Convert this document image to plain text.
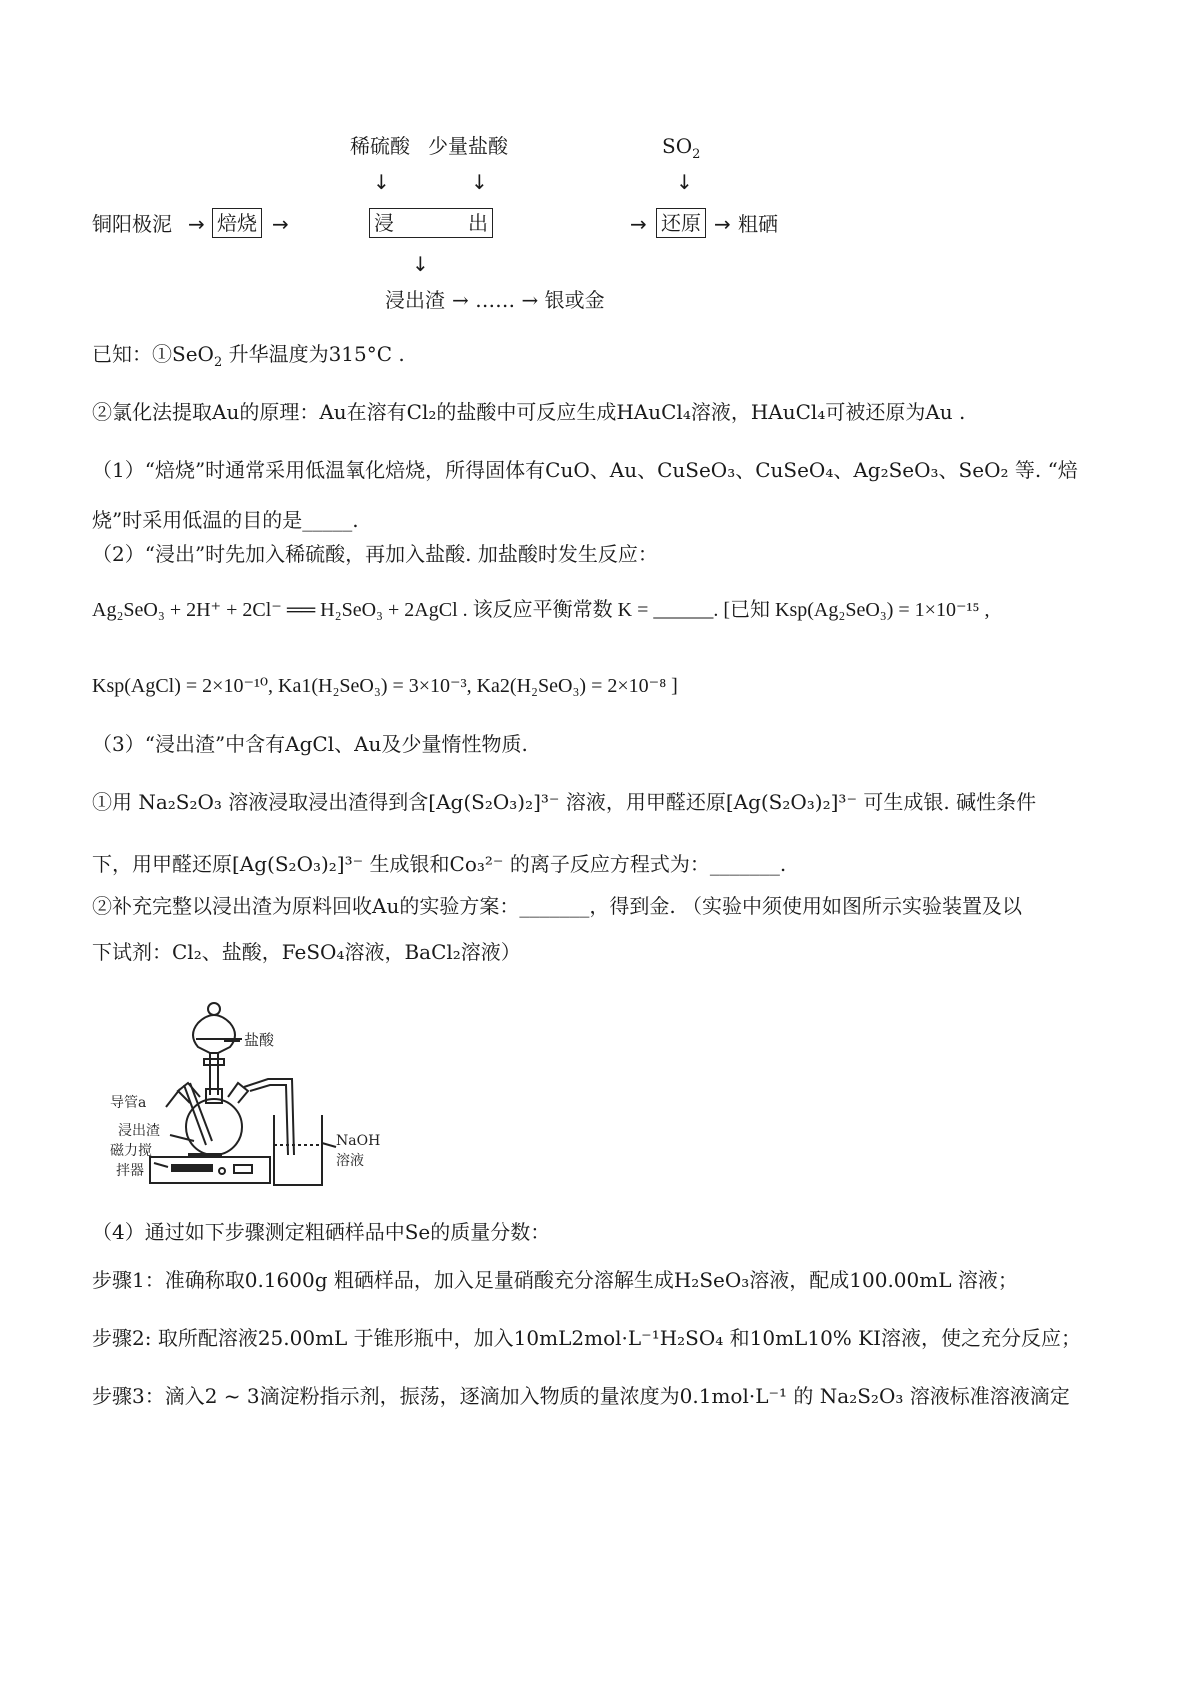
稀硫酸 少量盐酸	$SO_2$
↓	↓	↓
铜阳极泥 → 焙烧 →	浸	出	→ 还原 → 粗硒
↓
浸出渣 → …… → 银或金
已知：①SeO$_2$ 升华温度为315°C .
②氯化法提取Au的原理：Au在溶有Cl₂的盐酸中可反应生成HAuCl₄溶液，HAuCl₄可被还原为Au .
（1）“焙烧”时通常采用低温氧化焙烧，所得固体有CuO、Au、CuSeO₃、CuSeO₄、Ag₂SeO₃、SeO₂ 等. “焙
烧”时采用低温的目的是_____.
（2）“浸出”时先加入稀硫酸，再加入盐酸. 加盐酸时发生反应：
Ag₂SeO₃ + 2H⁺ + 2Cl⁻ ══ H₂SeO₃ + 2AgCl . 该反应平衡常数 K = ______. [已知 Ksp(Ag₂SeO₃) = 1×10⁻¹⁵ ,
Ksp(AgCl) = 2×10⁻¹⁰, Ka1(H₂SeO₃) = 3×10⁻³, Ka2(H₂SeO₃) = 2×10⁻⁸ ]
（3）“浸出渣”中含有AgCl、Au及少量惰性物质.
①用 Na₂S₂O₃ 溶液浸取浸出渣得到含[Ag(S₂O₃)₂]³⁻ 溶液，用甲醛还原[Ag(S₂O₃)₂]³⁻ 可生成银. 碱性条件
下，用甲醛还原[Ag(S₂O₃)₂]³⁻ 生成银和Co₃²⁻ 的离子反应方程式为：_______.
②补充完整以浸出渣为原料回收Au的实验方案：_______，得到金. （实验中须使用如图所示实验装置及以
下试剂：Cl₂、盐酸，FeSO₄溶液，BaCl₂溶液）
盐酸
导管a
浸出渣
磁力搅
拌器
NaOH
溶液
（4）通过如下步骤测定粗硒样品中Se的质量分数：
步骤1：准确称取0.1600g 粗硒样品，加入足量硝酸充分溶解生成H₂SeO₃溶液，配成100.00mL 溶液；
步骤2: 取所配溶液25.00mL 于锥形瓶中，加入10mL2mol·L⁻¹H₂SO₄ 和10mL10% KI溶液，使之充分反应；
步骤3：滴入2 ~ 3滴淀粉指示剂，振荡，逐滴加入物质的量浓度为0.1mol·L⁻¹ 的 Na₂S₂O₃ 溶液标准溶液滴定
